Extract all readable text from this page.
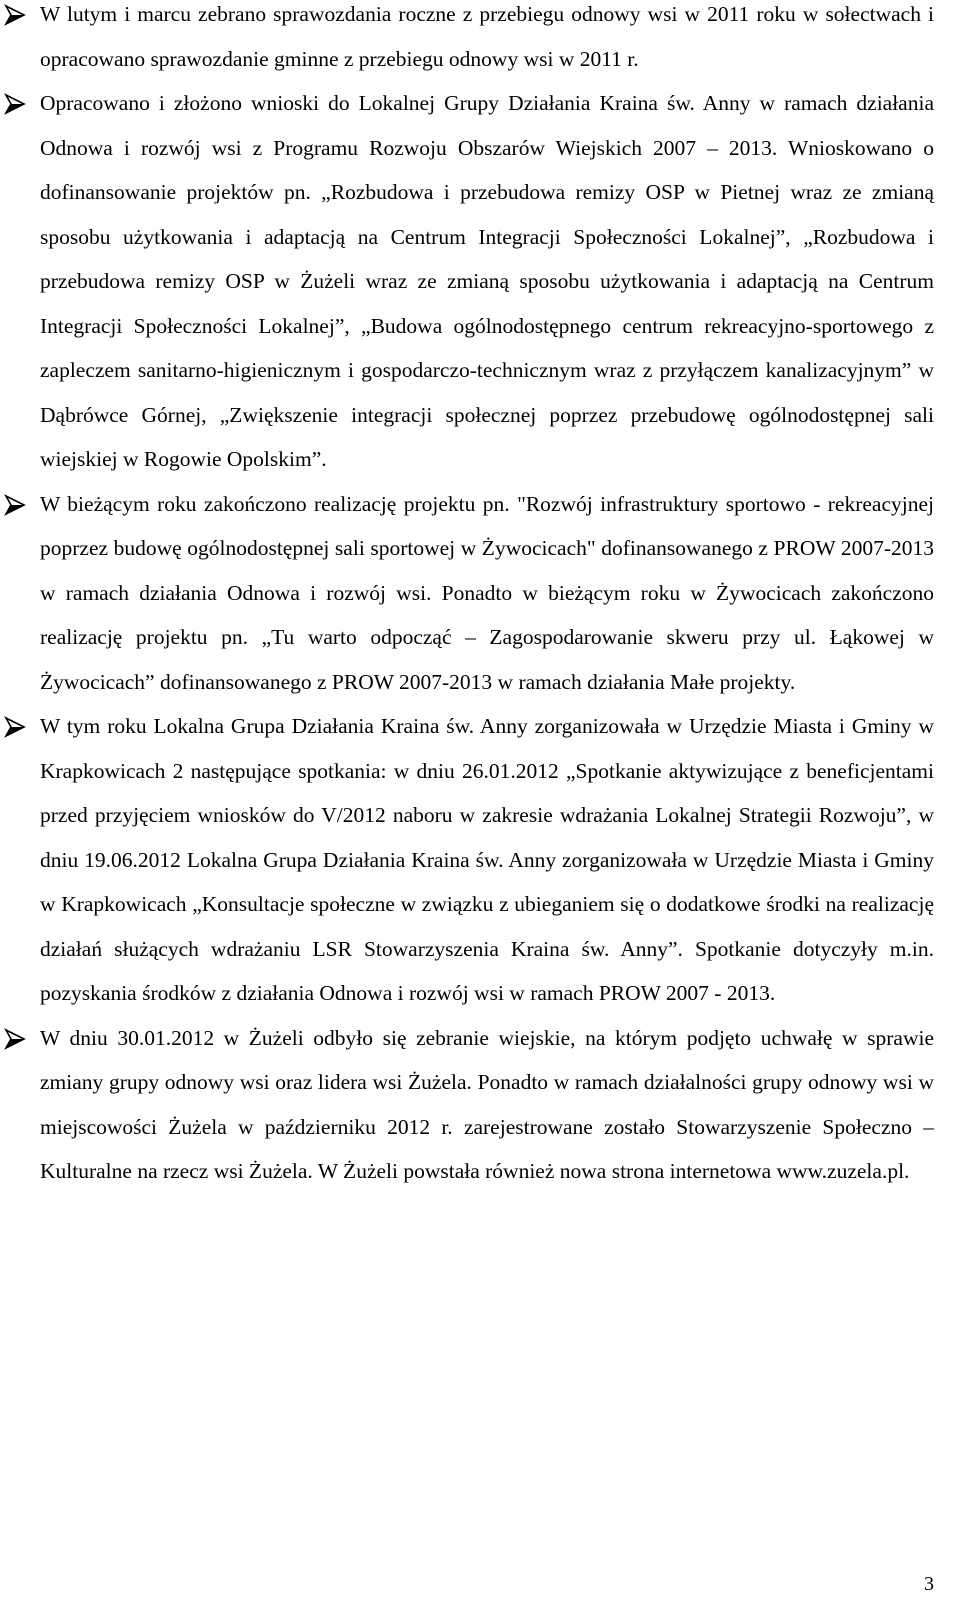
W lutym i marcu zebrano sprawozdania roczne z przebiegu odnowy wsi w 2011 roku w sołectwach i opracowano sprawozdanie gminne z przebiegu odnowy wsi w 2011 r.

Opracowano i złożono wnioski do Lokalnej Grupy Działania Kraina św. Anny w ramach działania Odnowa i rozwój wsi z Programu Rozwoju Obszarów Wiejskich 2007 – 2013. Wnioskowano o dofinansowanie projektów pn. „Rozbudowa i przebudowa remizy OSP w Pietnej wraz ze zmianą sposobu użytkowania i adaptacją na Centrum Integracji Społeczności Lokalnej”, „Rozbudowa i przebudowa remizy OSP w Żużeli wraz ze zmianą sposobu użytkowania i adaptacją na Centrum Integracji Społeczności Lokalnej”, „Budowa ogólnodostępnego centrum rekreacyjno-sportowego z zapleczem sanitarno-higienicznym i gospodarczo-technicznym wraz z przyłączem kanalizacyjnym” w Dąbrówce Górnej, „Zwiększenie integracji społecznej poprzez przebudowę ogólnodostępnej sali wiejskiej w Rogowie Opolskim”.

W bieżącym roku zakończono realizację projektu pn. "Rozwój infrastruktury sportowo - rekreacyjnej poprzez budowę ogólnodostępnej sali sportowej w Żywocicach" dofinansowanego z PROW 2007-2013 w ramach działania Odnowa i rozwój wsi. Ponadto w bieżącym roku w Żywocicach zakończono realizację projektu pn. „Tu warto odpocząć – Zagospodarowanie skweru przy ul. Łąkowej w Żywocicach” dofinansowanego z PROW 2007-2013 w ramach działania Małe projekty.

W tym roku Lokalna Grupa Działania Kraina św. Anny zorganizowała w Urzędzie Miasta i Gminy w Krapkowicach 2 następujące spotkania: w dniu 26.01.2012 „Spotkanie aktywizujące z beneficjentami przed przyjęciem wniosków do V/2012 naboru w zakresie wdrażania Lokalnej Strategii Rozwoju”, w dniu 19.06.2012 Lokalna Grupa Działania Kraina św. Anny zorganizowała w Urzędzie Miasta i Gminy w Krapkowicach „Konsultacje społeczne w związku z ubieganiem się o dodatkowe środki na realizację działań służących wdrażaniu LSR Stowarzyszenia Kraina św. Anny”. Spotkanie dotyczyły m.in. pozyskania środków z działania Odnowa i rozwój wsi w ramach PROW 2007 - 2013.

W dniu 30.01.2012 w Żużeli odbyło się zebranie wiejskie, na którym podjęto uchwałę w sprawie zmiany grupy odnowy wsi oraz lidera wsi Żużela. Ponadto w ramach działalności grupy odnowy wsi w miejscowości Żużela w październiku 2012 r. zarejestrowane zostało Stowarzyszenie Społeczno – Kulturalne na rzecz wsi Żużela. W Żużeli powstała również nowa strona internetowa www.zuzela.pl.

3
